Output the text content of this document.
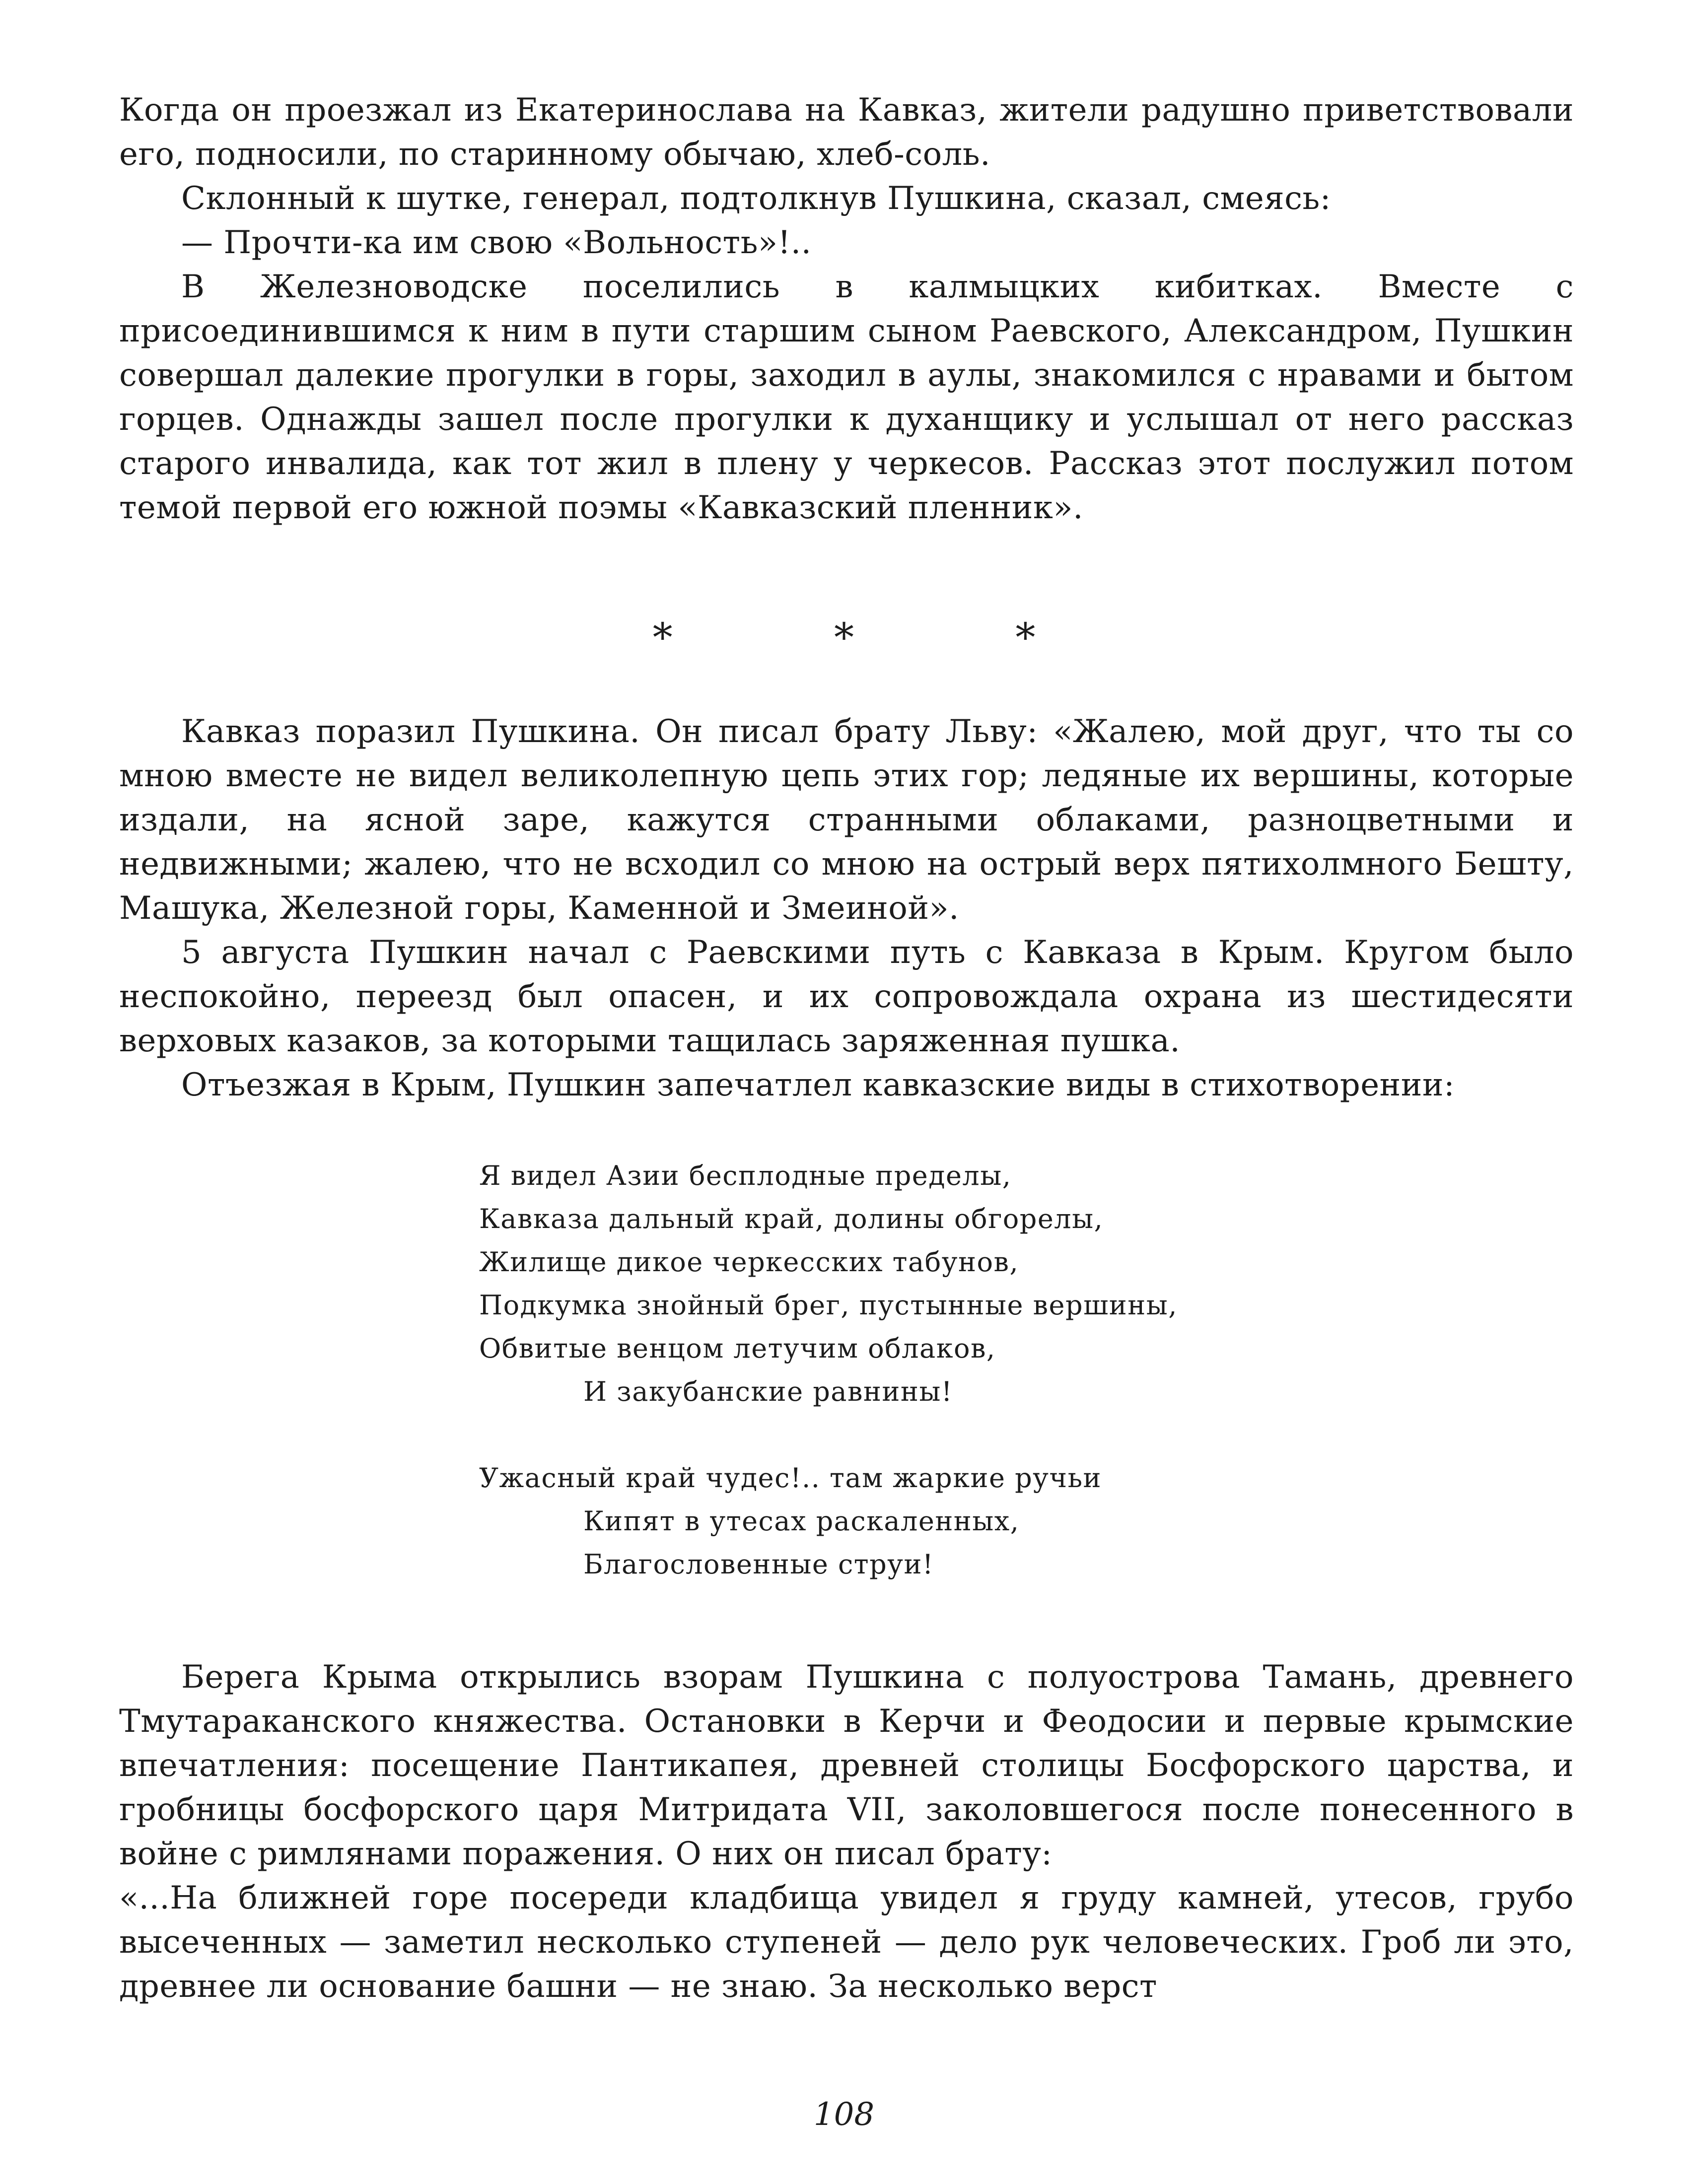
Когда он проезжал из Екатеринослава на Кавказ, жители радушно приветствовали его, подносили, по старинному обычаю, хлеб-соль.

Склонный к шутке, генерал, подтолкнув Пушкина, сказал, смеясь:

— Прочти-ка им свою «Вольность»!..

В Железноводске поселились в калмыцких кибитках. Вместе с присоединившимся к ним в пути старшим сыном Раевского, Александром, Пушкин совершал далекие прогулки в горы, заходил в аулы, знакомился с нравами и бытом горцев. Однажды зашел после прогулки к духанщику и услышал от него рассказ старого инвалида, как тот жил в плену у черкесов. Рассказ этот послужил потом темой первой его южной поэмы «Кавказский пленник».

* * *

Кавказ поразил Пушкина. Он писал брату Льву: «Жалею, мой друг, что ты со мною вместе не видел великолепную цепь этих гор; ледяные их вершины, которые издали, на ясной заре, кажутся странными облаками, разноцветными и недвижными; жалею, что не всходил со мною на острый верх пятихолмного Бешту, Машука, Железной горы, Каменной и Змеиной».

5 августа Пушкин начал с Раевскими путь с Кавказа в Крым. Кругом было неспокойно, переезд был опасен, и их сопровождала охрана из шестидесяти верховых казаков, за которыми тащилась заряженная пушка.

Отъезжая в Крым, Пушкин запечатлел кавказские виды в стихотворении:

Я видел Азии бесплодные пределы,
Кавказа дальный край, долины обгорелы,
Жилище дикое черкесских табунов,
Подкумка знойный брег, пустынные вершины,
Обвитые венцом летучим облаков,
И закубанские равнины!
Ужасный край чудес!.. там жаркие ручьи
Кипят в утесах раскаленных,
Благословенные струи!

Берега Крыма открылись взорам Пушкина с полуострова Тамань, древнего Тмутараканского княжества. Остановки в Керчи и Феодосии и первые крымские впечатления: посещение Пантикапея, древней столицы Босфорского царства, и гробницы босфорского царя Митридата VII, заколовшегося после понесенного в войне с римлянами поражения. О них он писал брату:

«...На ближней горе посереди кладбища увидел я груду камней, утесов, грубо высеченных — заметил несколько ступеней — дело рук человеческих. Гроб ли это, древнее ли основание башни — не знаю. За несколько верст

108
